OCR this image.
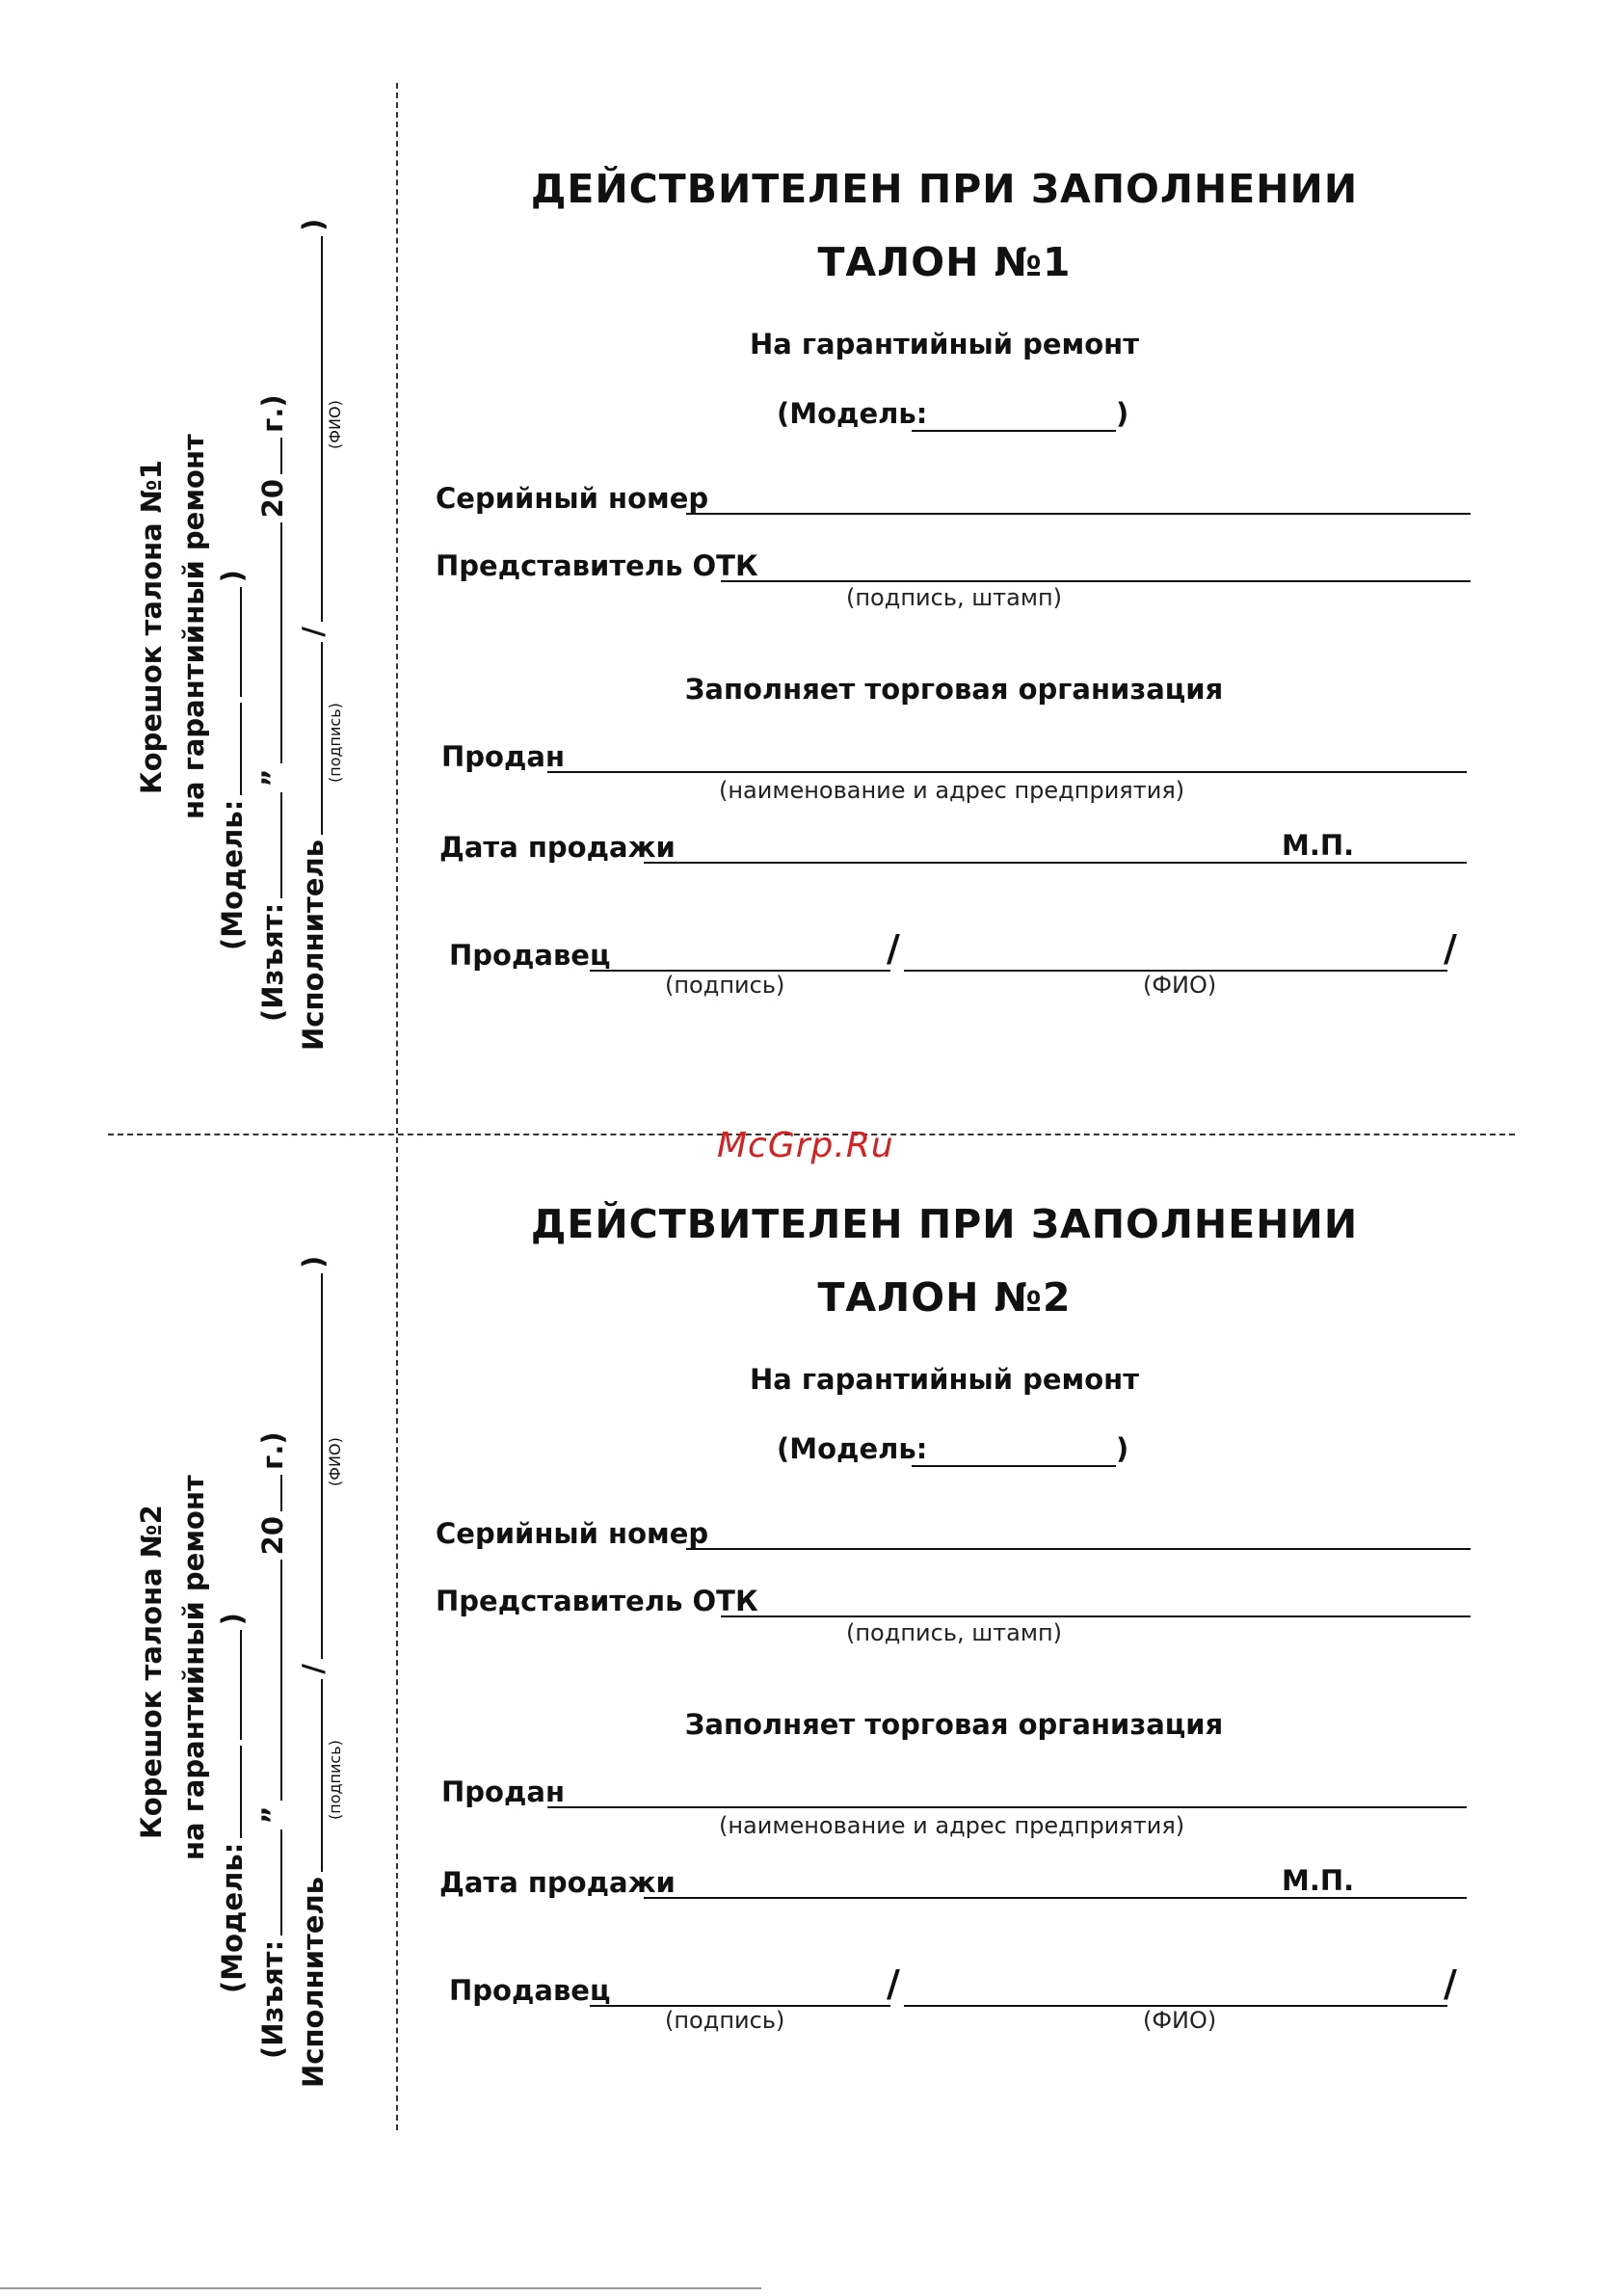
McGrp.Ru
ДЕЙСТВИТЕЛЕН ПРИ ЗАПОЛНЕНИИ
ТАЛОН №1
На гарантийный ремонт
(Модель:	)
Серийный номер
Представитель ОТК
(подпись, штамп)
Заполняет торговая организация
Продан
(наименование и адрес предприятия)
Дата продажи	М.П.
Продавец	/	/
(подпись)	(ФИО)
Корешок талона №1 на гарантийный ремонт
(Модель:   )
(Изъят:  ”  20  г.)
Исполнитель  /  )
(подпись)
(ФИО)
ДЕЙСТВИТЕЛЕН ПРИ ЗАПОЛНЕНИИ
ТАЛОН №2
На гарантийный ремонт
(Модель:	)
Серийный номер
Представитель ОТК
(подпись, штамп)
Заполняет торговая организация
Продан
(наименование и адрес предприятия)
Дата продажи	М.П.
Продавец	/	/
(подпись)	(ФИО)
Корешок талона №2 на гарантийный ремонт
(Модель:   )
(Изъят:  ”  20  г.)
Исполнитель  /  )
(подпись)
(ФИО)
